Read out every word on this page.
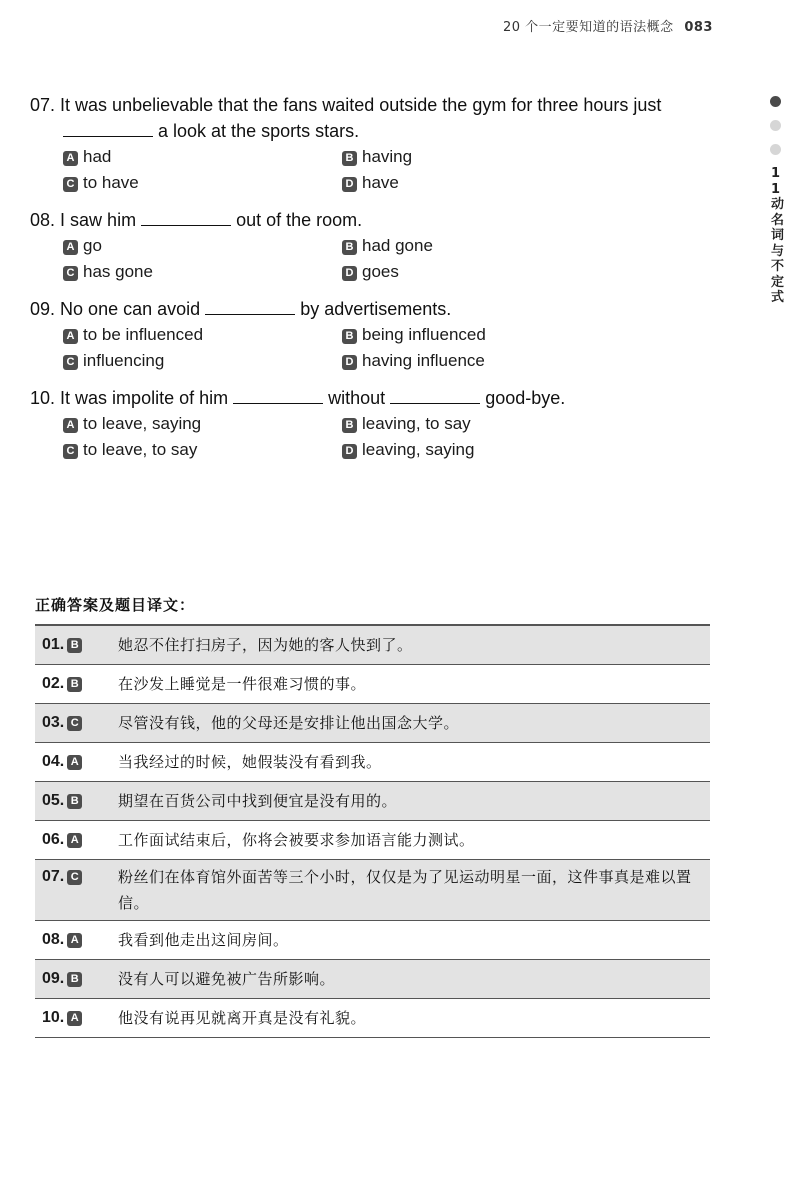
20 个一定要知道的语法概念 083
11 动名词与不定式
07. It was unbelievable that the fans waited outside the gym for three hours just
a look at the sports stars.
A had	B having
C to have	D have
08. I saw him	out of the room.
A go	B had gone
C has gone	D goes
09. No one can avoid	by advertisements.
A to be influenced	B being influenced
C influencing	D having influence
10. It was impolite of him	without	good-bye.
A to leave, saying	B leaving, to say
C to leave, to say	D leaving, saying
正确答案及题目译文：
01. B	她忍不住打扫房子，因为她的客人快到了。
02. B	在沙发上睡觉是一件很难习惯的事。
03. C	尽管没有钱，他的父母还是安排让他出国念大学。
04. A	当我经过的时候，她假装没有看到我。
05. B	期望在百货公司中找到便宜是没有用的。
06. A	工作面试结束后，你将会被要求参加语言能力测试。
07. C	粉丝们在体育馆外面苦等三个小时，仅仅是为了见运动明星一面，这件事真是难以置信。
08. A	我看到他走出这间房间。
09. B	没有人可以避免被广告所影响。
10. A	他没有说再见就离开真是没有礼貌。
